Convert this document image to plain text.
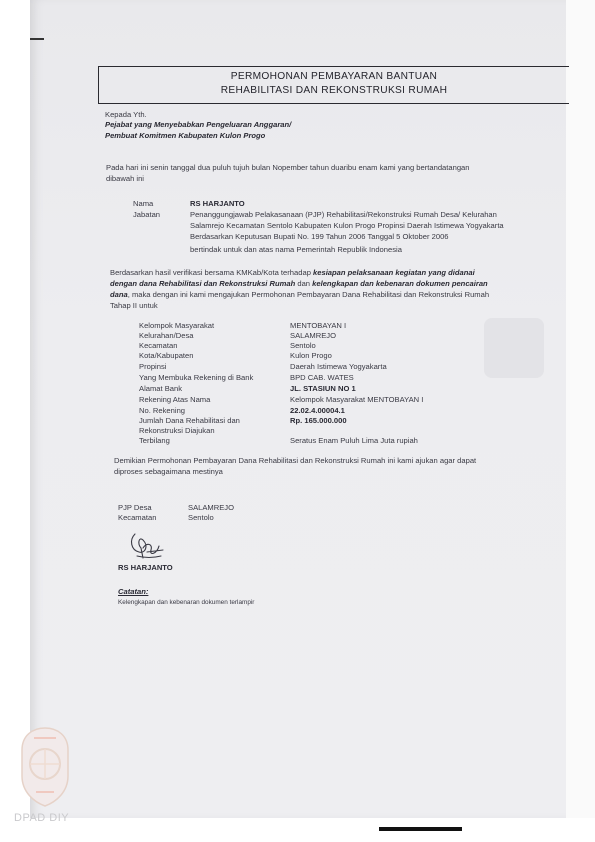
PERMOHONAN PEMBAYARAN BANTUAN
REHABILITASI DAN REKONSTRUKSI RUMAH
Kepada Yth.
Pejabat yang Menyebabkan Pengeluaran Anggaran/
Pembuat Komitmen Kabupaten Kulon Progo
Pada hari ini senin tanggal dua puluh tujuh bulan Nopember tahun duaribu enam kami yang bertandatangan
dibawah ini
Nama	RS HARJANTO
Jabatan	Penanggungjawab Pelakasanaan (PJP) Rehabilitasi/Rekonstruksi Rumah Desa/ Kelurahan
Salamrejo Kecamatan Sentolo Kabupaten Kulon Progo Propinsi Daerah Istimewa Yogyakarta
Berdasarkan Keputusan Bupati No. 199 Tahun 2006 Tanggal 5 Oktober 2006
bertindak untuk dan atas nama Pemerintah Republik Indonesia
Berdasarkan hasil verifikasi bersama KMKab/Kota terhadap kesiapan pelaksanaan kegiatan yang didanai
dengan dana Rehabilitasi dan Rekonstruksi Rumah dan kelengkapan dan kebenaran dokumen pencairan
dana, maka dengan ini kami mengajukan Permohonan Pembayaran Dana Rehabilitasi dan Rekonstruksi Rumah
Tahap II untuk
Kelompok Masyarakat	MENTOBAYAN I
Kelurahan/Desa	SALAMREJO
Kecamatan	Sentolo
Kota/Kabupaten	Kulon Progo
Propinsi	Daerah Istimewa Yogyakarta
Yang Membuka Rekening di Bank	BPD CAB. WATES
Alamat Bank	JL. STASIUN NO 1
Rekening Atas Nama	Kelompok Masyarakat MENTOBAYAN I
No. Rekening	22.02.4.00004.1
Jumlah Dana Rehabilitasi dan	Rp. 165.000.000
Rekonstruksi Diajukan
Terbilang	Seratus Enam Puluh Lima Juta rupiah
Demikian Permohonan Pembayaran Dana Rehabilitasi dan Rekonstruksi Rumah ini kami ajukan agar dapat
diproses sebagaimana mestinya
PJP Desa	SALAMREJO
Kecamatan	Sentolo
RS HARJANTO
Catatan:
Kelengkapan dan kebenaran dokumen terlampir
DPAD DIY
